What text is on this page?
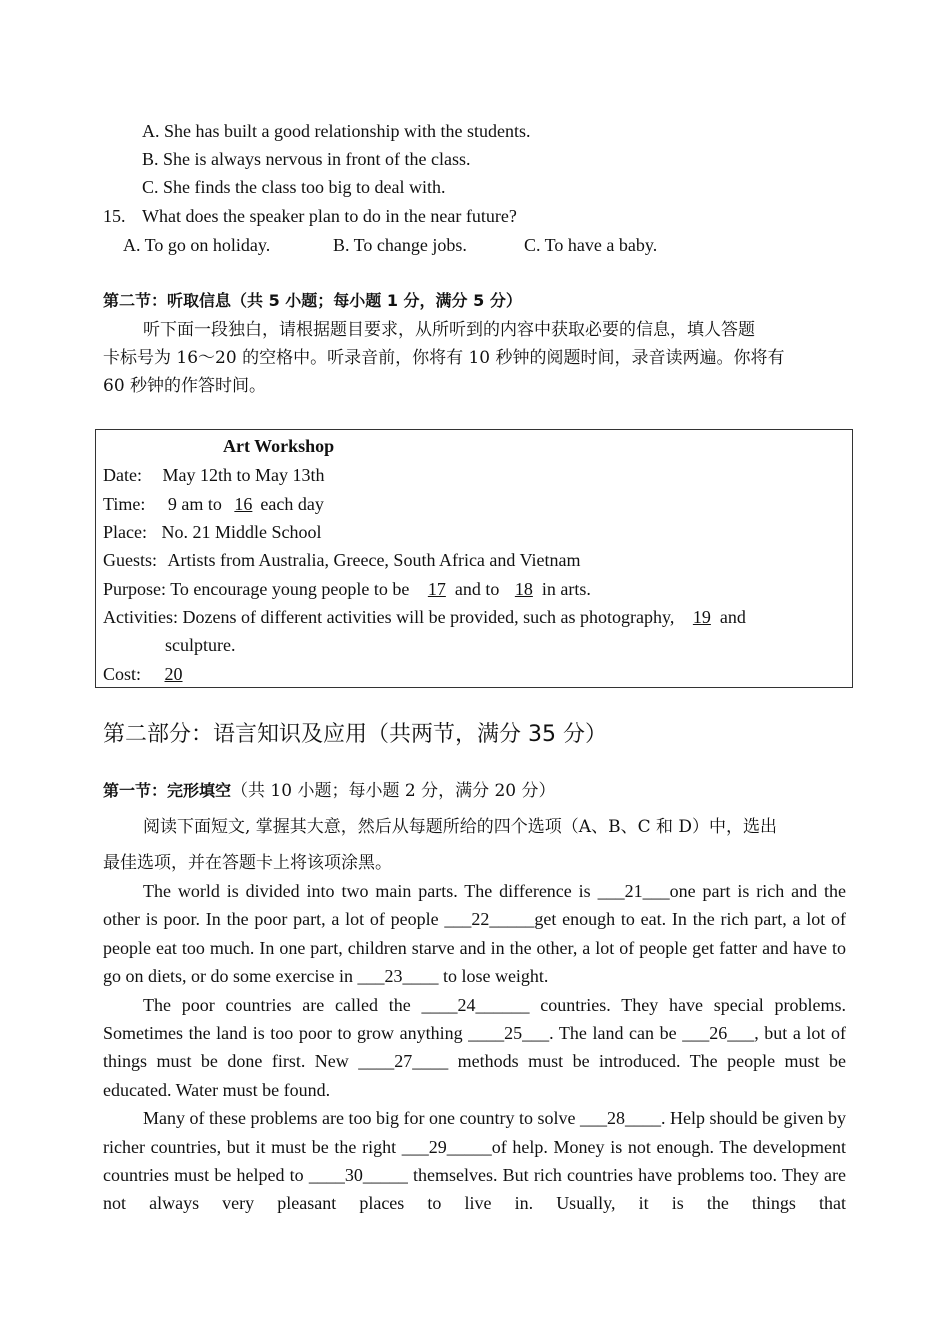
A. She has built a good relationship with the students.
B. She is always nervous in front of the class.
C. She finds the class too big to deal with.
15. What does the speaker plan to do in the near future?
A. To go on holiday.	B. To change jobs.	C. To have a baby.
第二节：听取信息（共 5 小题；每小题 1 分，满分 5 分）
听下面一段独白，请根据题目要求，从所听到的内容中获取必要的信息，填人答题
卡标号为 16～20 的空格中。听录音前，你将有 10 秒钟的阅题时间，录音读两遍。你将有
60 秒钟的作答时间。
Art Workshop
Date: May 12th to May 13th
Time: 9 am to 16 each day
Place: No. 21 Middle School
Guests: Artists from Australia, Greece, South Africa and Vietnam
Purpose: To encourage young people to be 17 and to 18 in arts.
Activities: Dozens of different activities will be provided, such as photography, 19 and
sculpture.
Cost: 20
第二部分：语言知识及应用（共两节，满分 35 分）
第一节：完形填空（共 10 小题；每小题 2 分，满分 20 分）
阅读下面短文, 掌握其大意，然后从每题所给的四个选项（A、B、C 和 D）中，选出
最佳选项，并在答题卡上将该项涂黑。

The world is divided into two main parts. The difference is ___21___one part is rich and the other is poor. In the poor part, a lot of people ___22_____get enough to eat. In the rich part, a lot of people eat too much. In one part, children starve and in the other, a lot of people get fatter and have to go on diets, or do some exercise in ___23____ to lose weight.

The poor countries are called the ____24______ countries. They have special problems. Sometimes the land is too poor to grow anything ____25___. The land can be ___26___, but a lot of things must be done first. New ____27____ methods must be introduced. The people must be educated. Water must be found.

Many of these problems are too big for one country to solve ___28____. Help should be given by richer countries, but it must be the right ___29_____of help. Money is not enough. The development countries must be helped to ____30_____ themselves. But rich countries have problems too. They are not always very pleasant places to live in. Usually, it is the things that
